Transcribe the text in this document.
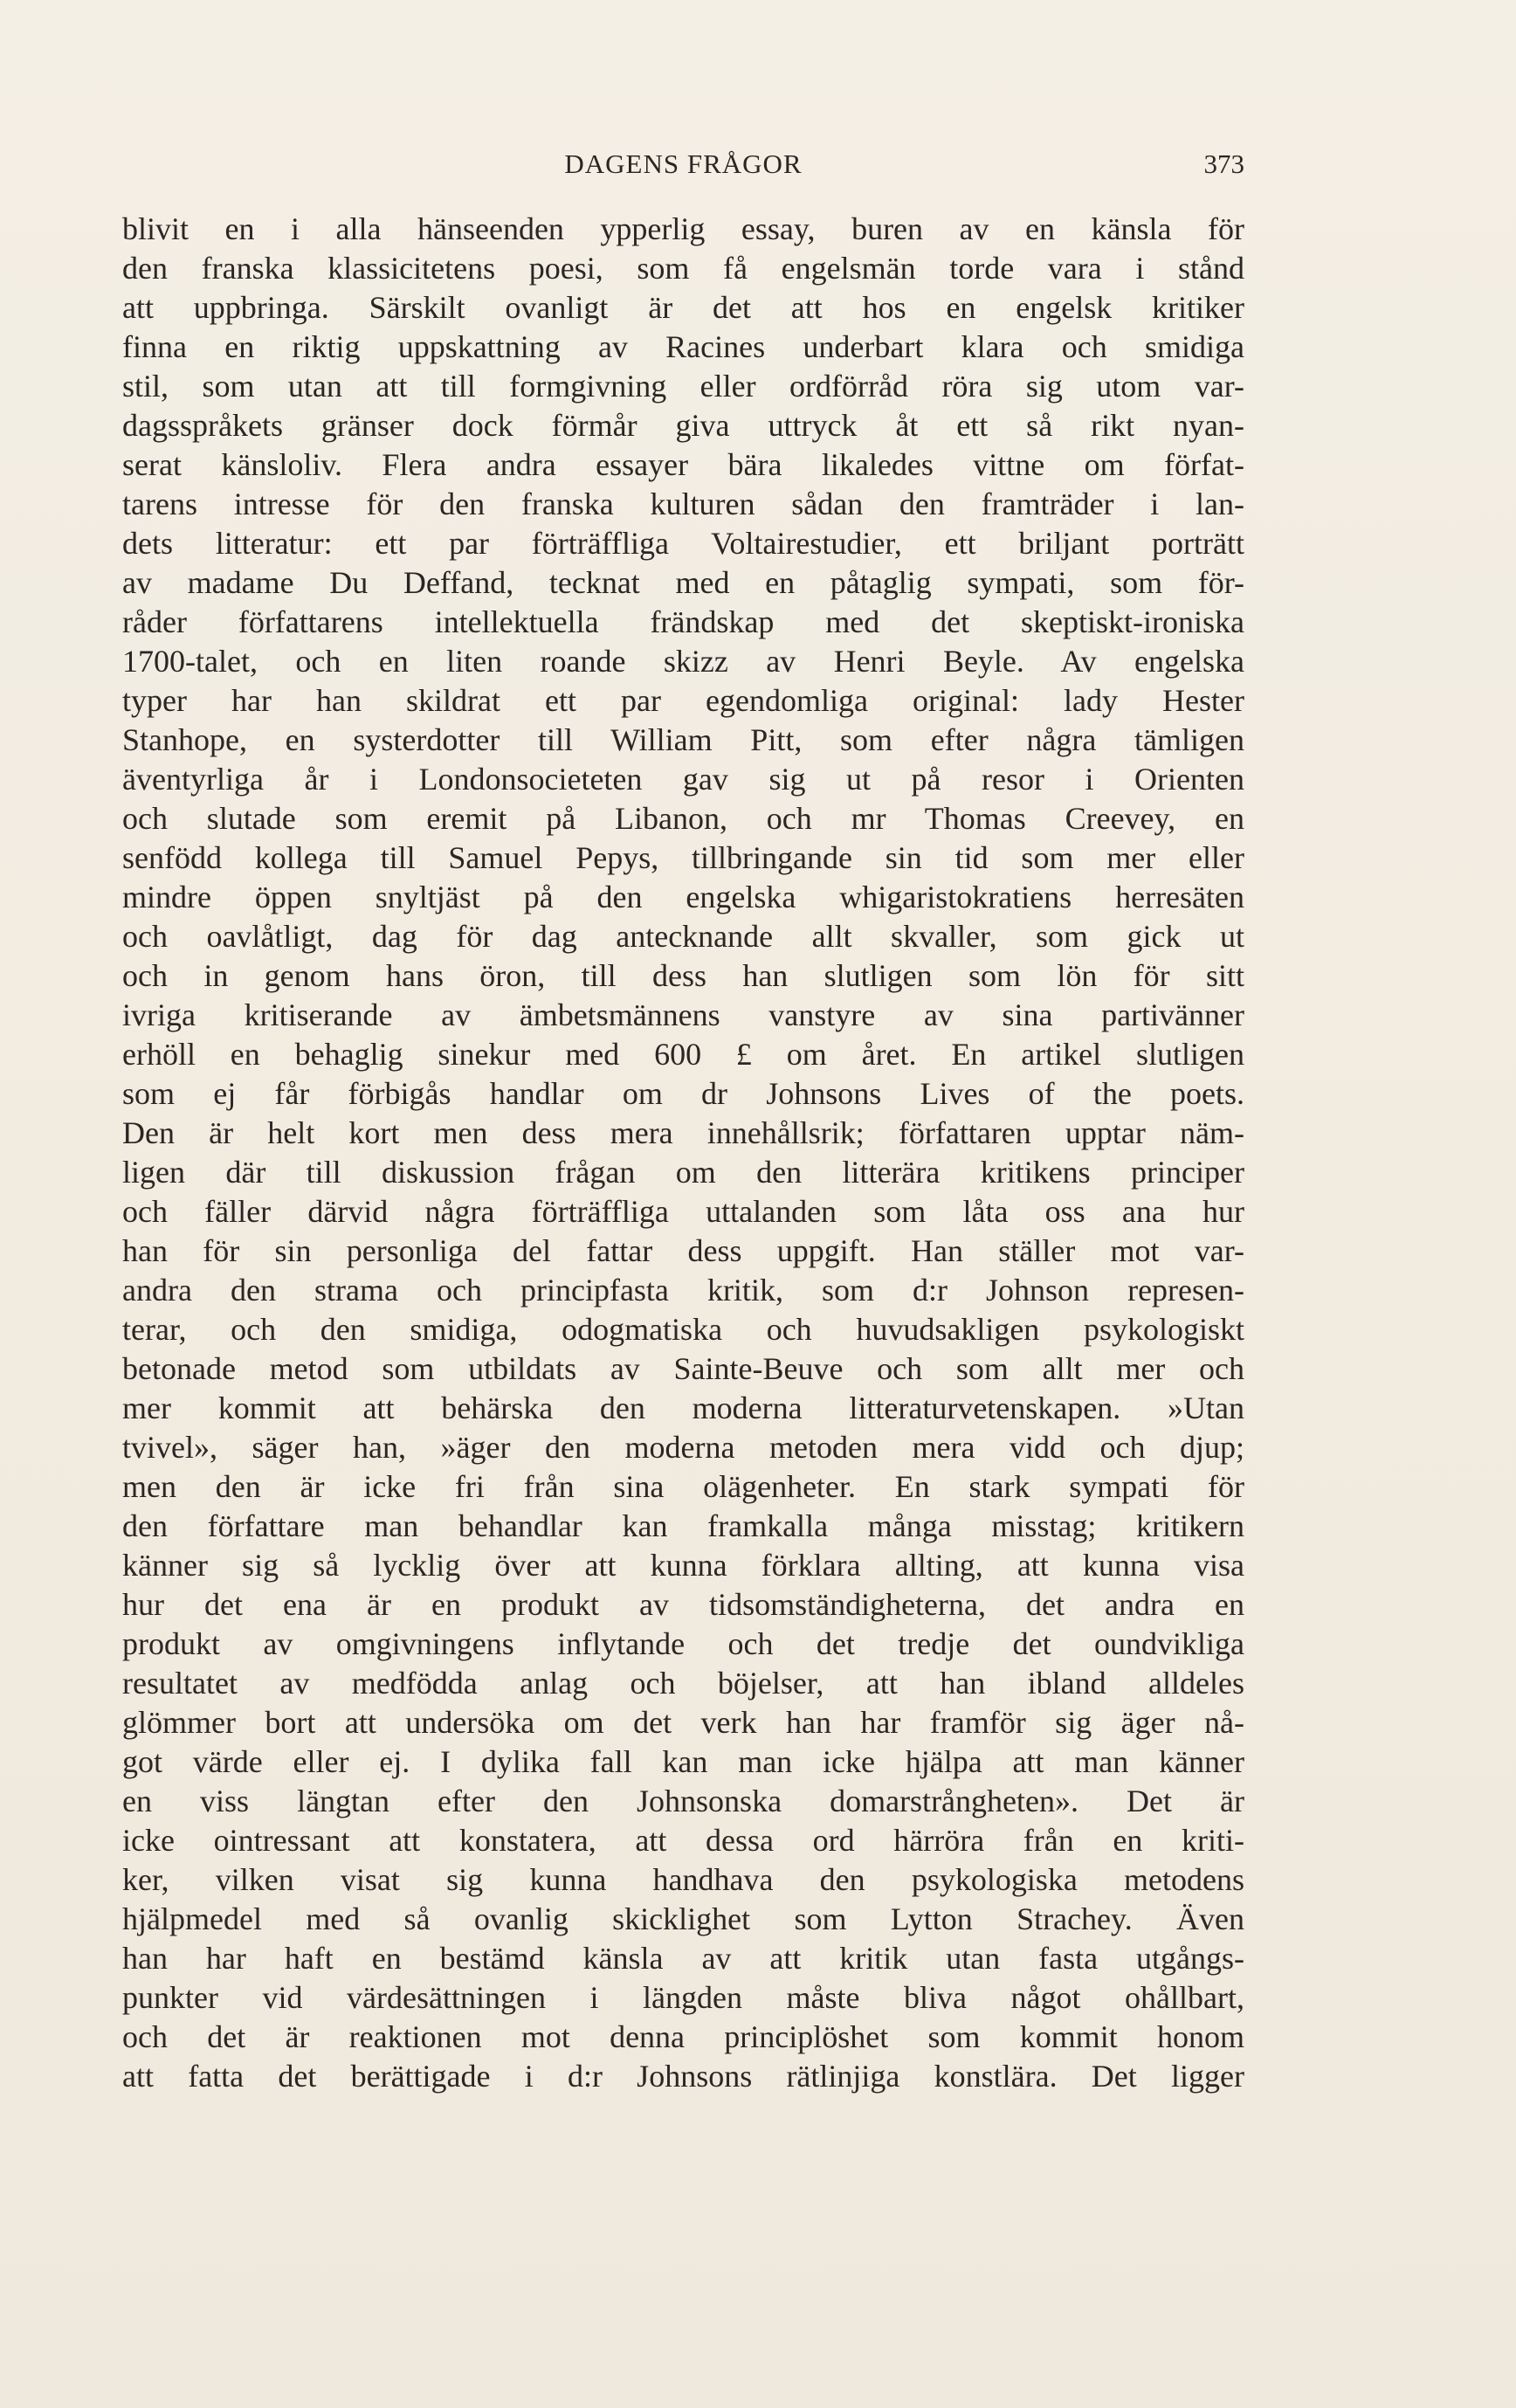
DAGENS FRÅGOR	373
blivit en i alla hänseenden ypperlig essay, buren av en känsla för
den franska klassicitetens poesi, som få engelsmän torde vara i stånd
att uppbringa. Särskilt ovanligt är det att hos en engelsk kritiker
finna en riktig uppskattning av Racines underbart klara och smidiga
stil, som utan att till formgivning eller ordförråd röra sig utom var-
dagsspråkets gränser dock förmår giva uttryck åt ett så rikt nyan-
serat känsloliv. Flera andra essayer bära likaledes vittne om förfat-
tarens intresse för den franska kulturen sådan den framträder i lan-
dets litteratur: ett par förträffliga Voltairestudier, ett briljant porträtt
av madame Du Deffand, tecknat med en påtaglig sympati, som för-
råder författarens intellektuella frändskap med det skeptiskt-ironiska
1700-talet, och en liten roande skizz av Henri Beyle. Av engelska
typer har han skildrat ett par egendomliga original: lady Hester
Stanhope, en systerdotter till William Pitt, som efter några tämligen
äventyrliga år i Londonsocieteten gav sig ut på resor i Orienten
och slutade som eremit på Libanon, och mr Thomas Creevey, en
senfödd kollega till Samuel Pepys, tillbringande sin tid som mer eller
mindre öppen snyltjäst på den engelska whigaristokratiens herresäten
och oavlåtligt, dag för dag antecknande allt skvaller, som gick ut
och in genom hans öron, till dess han slutligen som lön för sitt
ivriga kritiserande av ämbetsmännens vanstyre av sina partivänner
erhöll en behaglig sinekur med 600 £ om året. En artikel slutligen
som ej får förbigås handlar om dr Johnsons Lives of the poets.
Den är helt kort men dess mera innehållsrik; författaren upptar näm-
ligen där till diskussion frågan om den litterära kritikens principer
och fäller därvid några förträffliga uttalanden som låta oss ana hur
han för sin personliga del fattar dess uppgift. Han ställer mot var-
andra den strama och principfasta kritik, som d:r Johnson represen-
terar, och den smidiga, odogmatiska och huvudsakligen psykologiskt
betonade metod som utbildats av Sainte-Beuve och som allt mer och
mer kommit att behärska den moderna litteraturvetenskapen. »Utan
tvivel», säger han, »äger den moderna metoden mera vidd och djup;
men den är icke fri från sina olägenheter. En stark sympati för
den författare man behandlar kan framkalla många misstag; kritikern
känner sig så lycklig över att kunna förklara allting, att kunna visa
hur det ena är en produkt av tidsomständigheterna, det andra en
produkt av omgivningens inflytande och det tredje det oundvikliga
resultatet av medfödda anlag och böjelser, att han ibland alldeles
glömmer bort att undersöka om det verk han har framför sig äger nå-
got värde eller ej. I dylika fall kan man icke hjälpa att man känner
en viss längtan efter den Johnsonska domarstrångheten». Det är
icke ointressant att konstatera, att dessa ord härröra från en kriti-
ker, vilken visat sig kunna handhava den psykologiska metodens
hjälpmedel med så ovanlig skicklighet som Lytton Strachey. Även
han har haft en bestämd känsla av att kritik utan fasta utgångs-
punkter vid värdesättningen i längden måste bliva något ohållbart,
och det är reaktionen mot denna principlöshet som kommit honom
att fatta det berättigade i d:r Johnsons rätlinjiga konstlära. Det ligger
